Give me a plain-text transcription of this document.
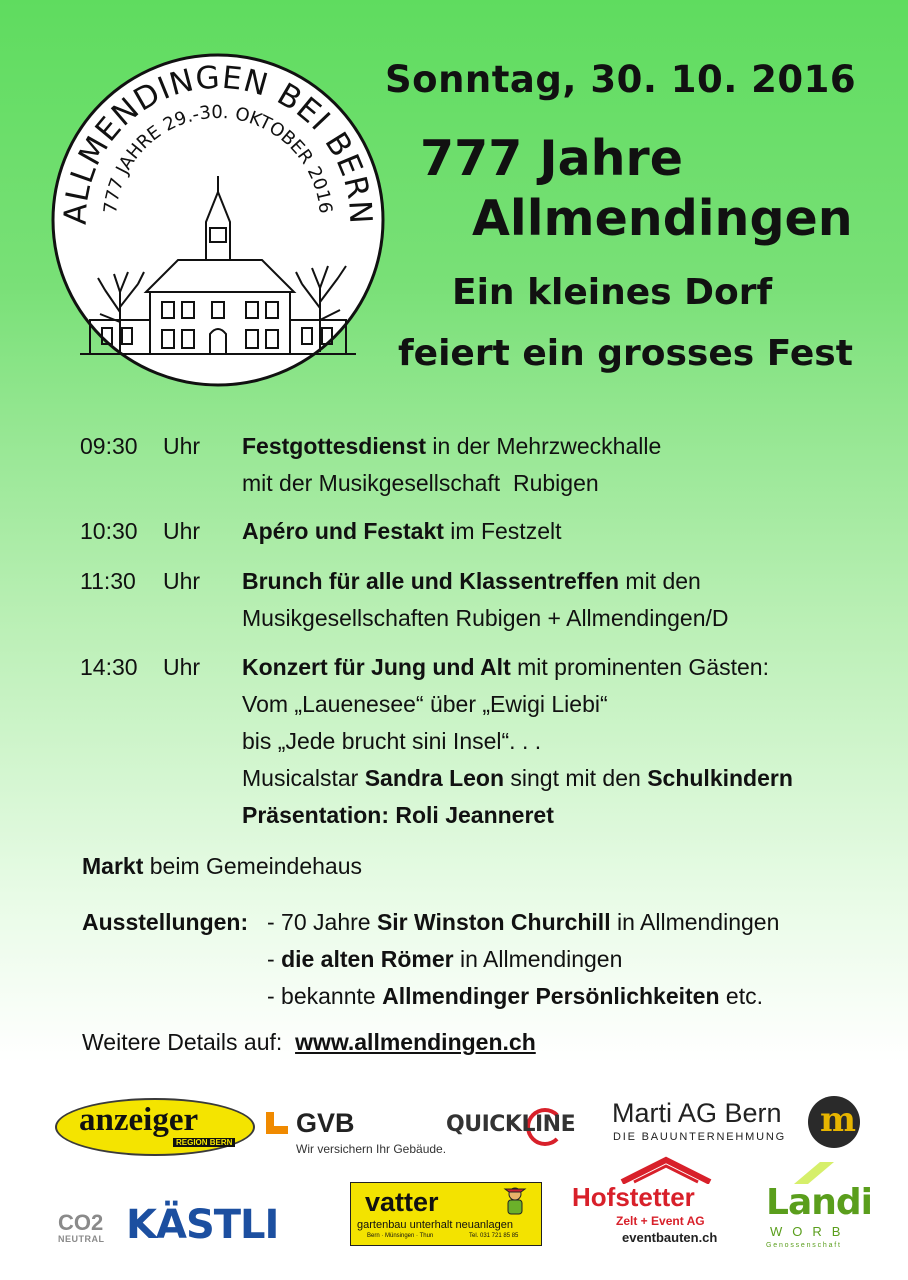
ALLMENDINGEN BEI BERN
777 JAHRE 29.-30. OKTOBER 2016
Sonntag, 30. 10. 2016
777 Jahre
Allmendingen
Ein kleines Dorf
feiert ein grosses Fest
09:30 Uhr Festgottesdienst in der Mehrzweckhalle
mit der Musikgesellschaft  Rubigen
10:30 Uhr Apéro und Festakt im Festzelt
11:30 Uhr Brunch für alle und Klassentreffen mit den
Musikgesellschaften Rubigen + Allmendingen/D
14:30 Uhr Konzert für Jung und Alt mit prominenten Gästen:
Vom „Lauenesee“ über „Ewigi Liebi“
bis „Jede brucht sini Insel“. . .
Musicalstar Sandra Leon singt mit den Schulkindern
Präsentation: Roli Jeanneret
Markt beim Gemeindehaus
Ausstellungen: - 70 Jahre Sir Winston Churchill in Allmendingen
- die alten Römer in Allmendingen
- bekannte Allmendinger Persönlichkeiten etc.
Weitere Details auf: www.allmendingen.ch
anzeiger
REGION BERN
GVB
Wir versichern Ihr Gebäude.
QUICKLINE Marti AG Bern
DIE BAUUNTERNEHMUNG m
CO2
NEUTRAL KÄSTLI	vatter
gartenbau unterhalt neuanlagen
Bern · Münsingen · Thun	Tel. 031 721 85 85
Hofstetter
Zelt + Event AG
eventbauten.ch
Landi
WORB
Genossenschaft
